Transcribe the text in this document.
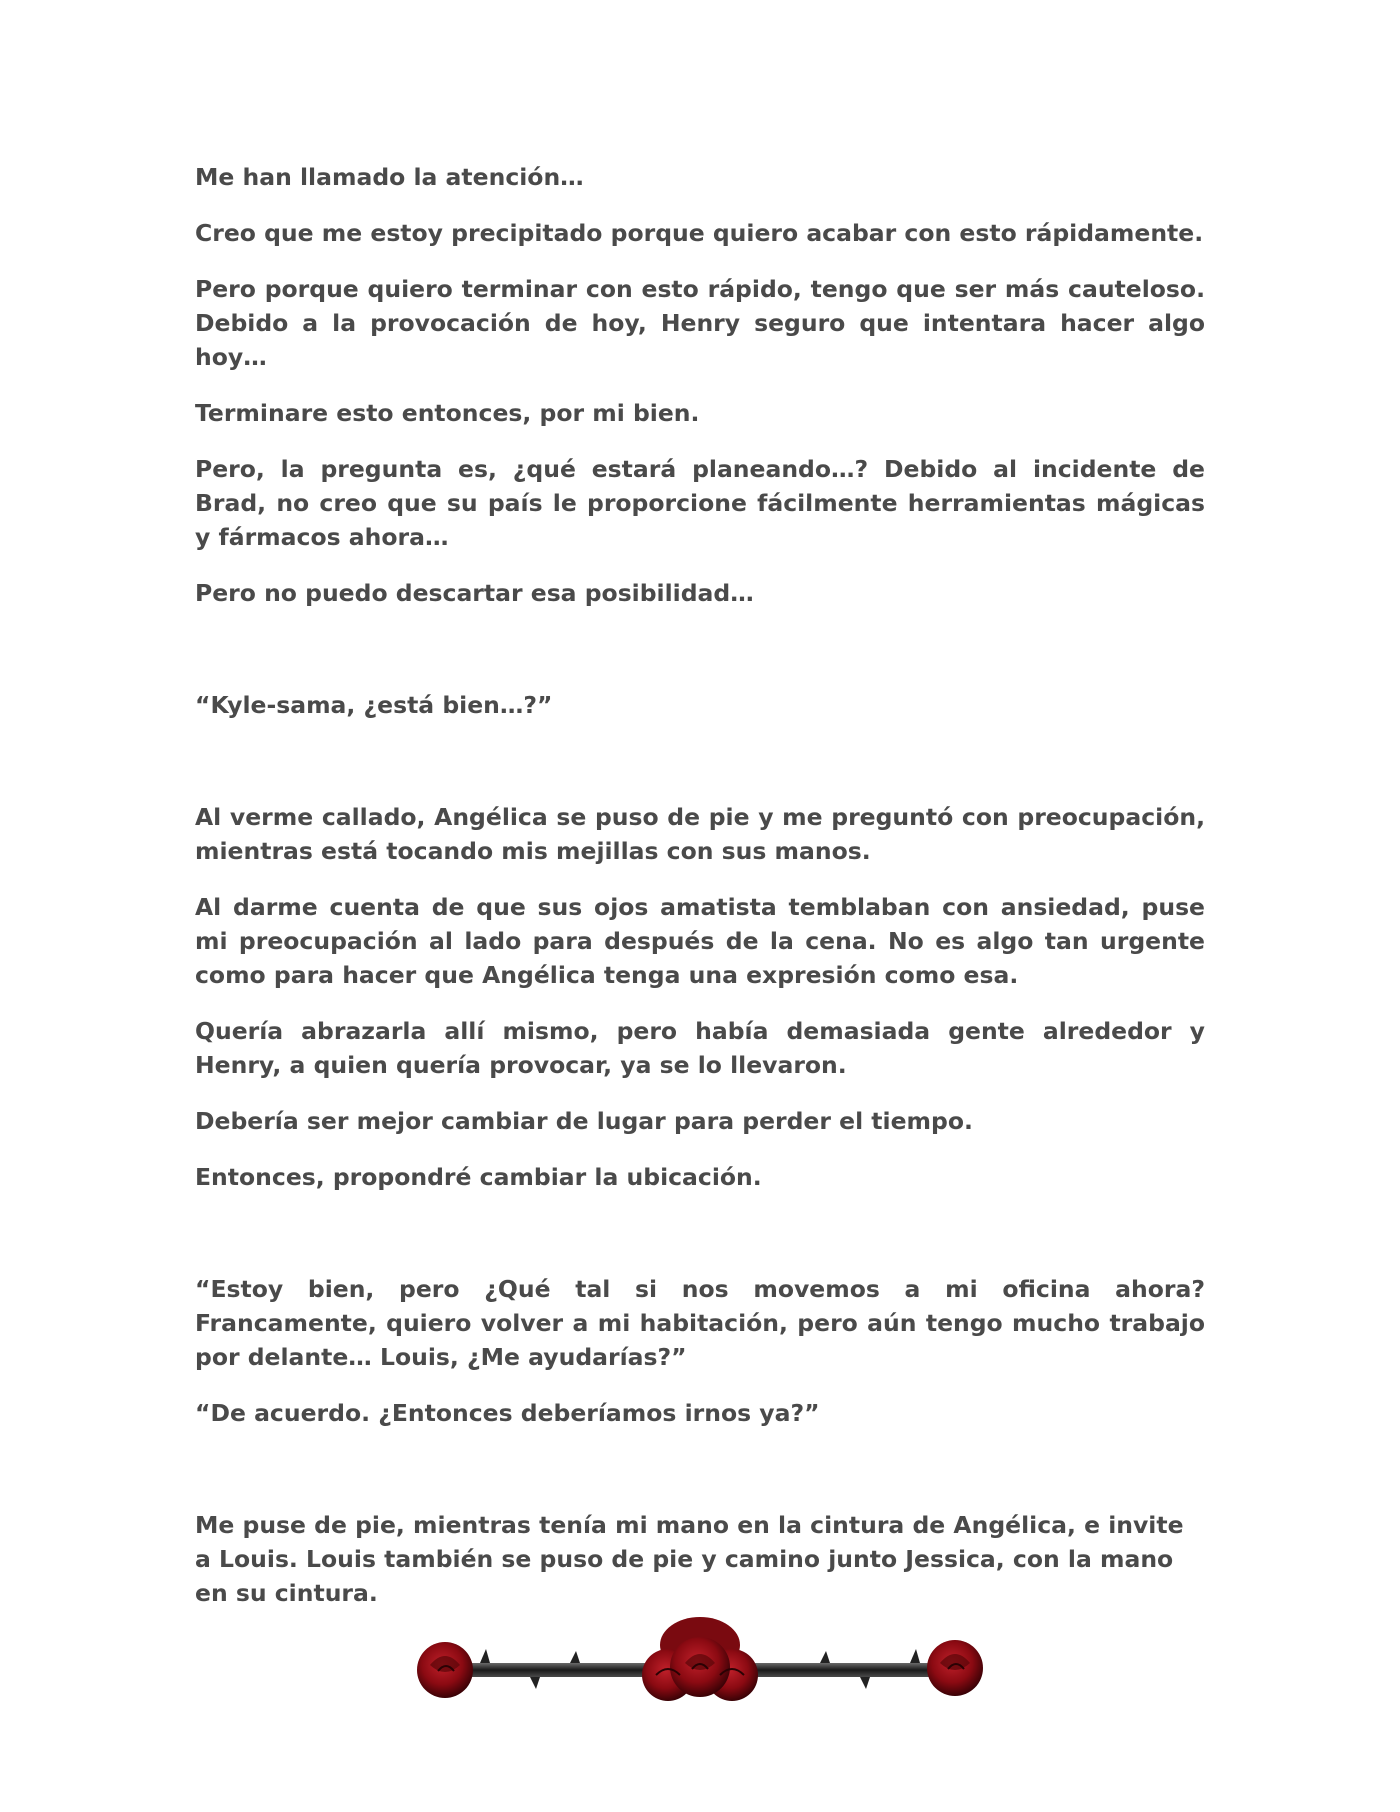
Me han llamado la atención…

Creo que me estoy precipitado porque quiero acabar con esto rápidamente.

Pero porque quiero terminar con esto rápido, tengo que ser más cauteloso. Debido a la provocación de hoy, Henry seguro que intentara hacer algo hoy…

Terminare esto entonces, por mi bien.

Pero, la pregunta es, ¿qué estará planeando…? Debido al incidente de Brad, no creo que su país le proporcione fácilmente herramientas mágicas y fármacos ahora…

Pero no puedo descartar esa posibilidad…

“Kyle-sama, ¿está bien…?”

Al verme callado, Angélica se puso de pie y me preguntó con preocupación, mientras está tocando mis mejillas con sus manos.

Al darme cuenta de que sus ojos amatista temblaban con ansiedad, puse mi preocupación al lado para después de la cena. No es algo tan urgente como para hacer que Angélica tenga una expresión como esa.

Quería abrazarla allí mismo, pero había demasiada gente alrededor y Henry, a quien quería provocar, ya se lo llevaron.

Debería ser mejor cambiar de lugar para perder el tiempo.

Entonces, propondré cambiar la ubicación.

“Estoy bien, pero ¿Qué tal si nos movemos a mi oficina ahora? Francamente, quiero volver a mi habitación, pero aún tengo mucho trabajo por delante… Louis, ¿Me ayudarías?”

“De acuerdo. ¿Entonces deberíamos irnos ya?”

Me puse de pie, mientras tenía mi mano en la cintura de Angélica, e invite a Louis. Louis también se puso de pie y camino junto Jessica, con la mano en su cintura.
